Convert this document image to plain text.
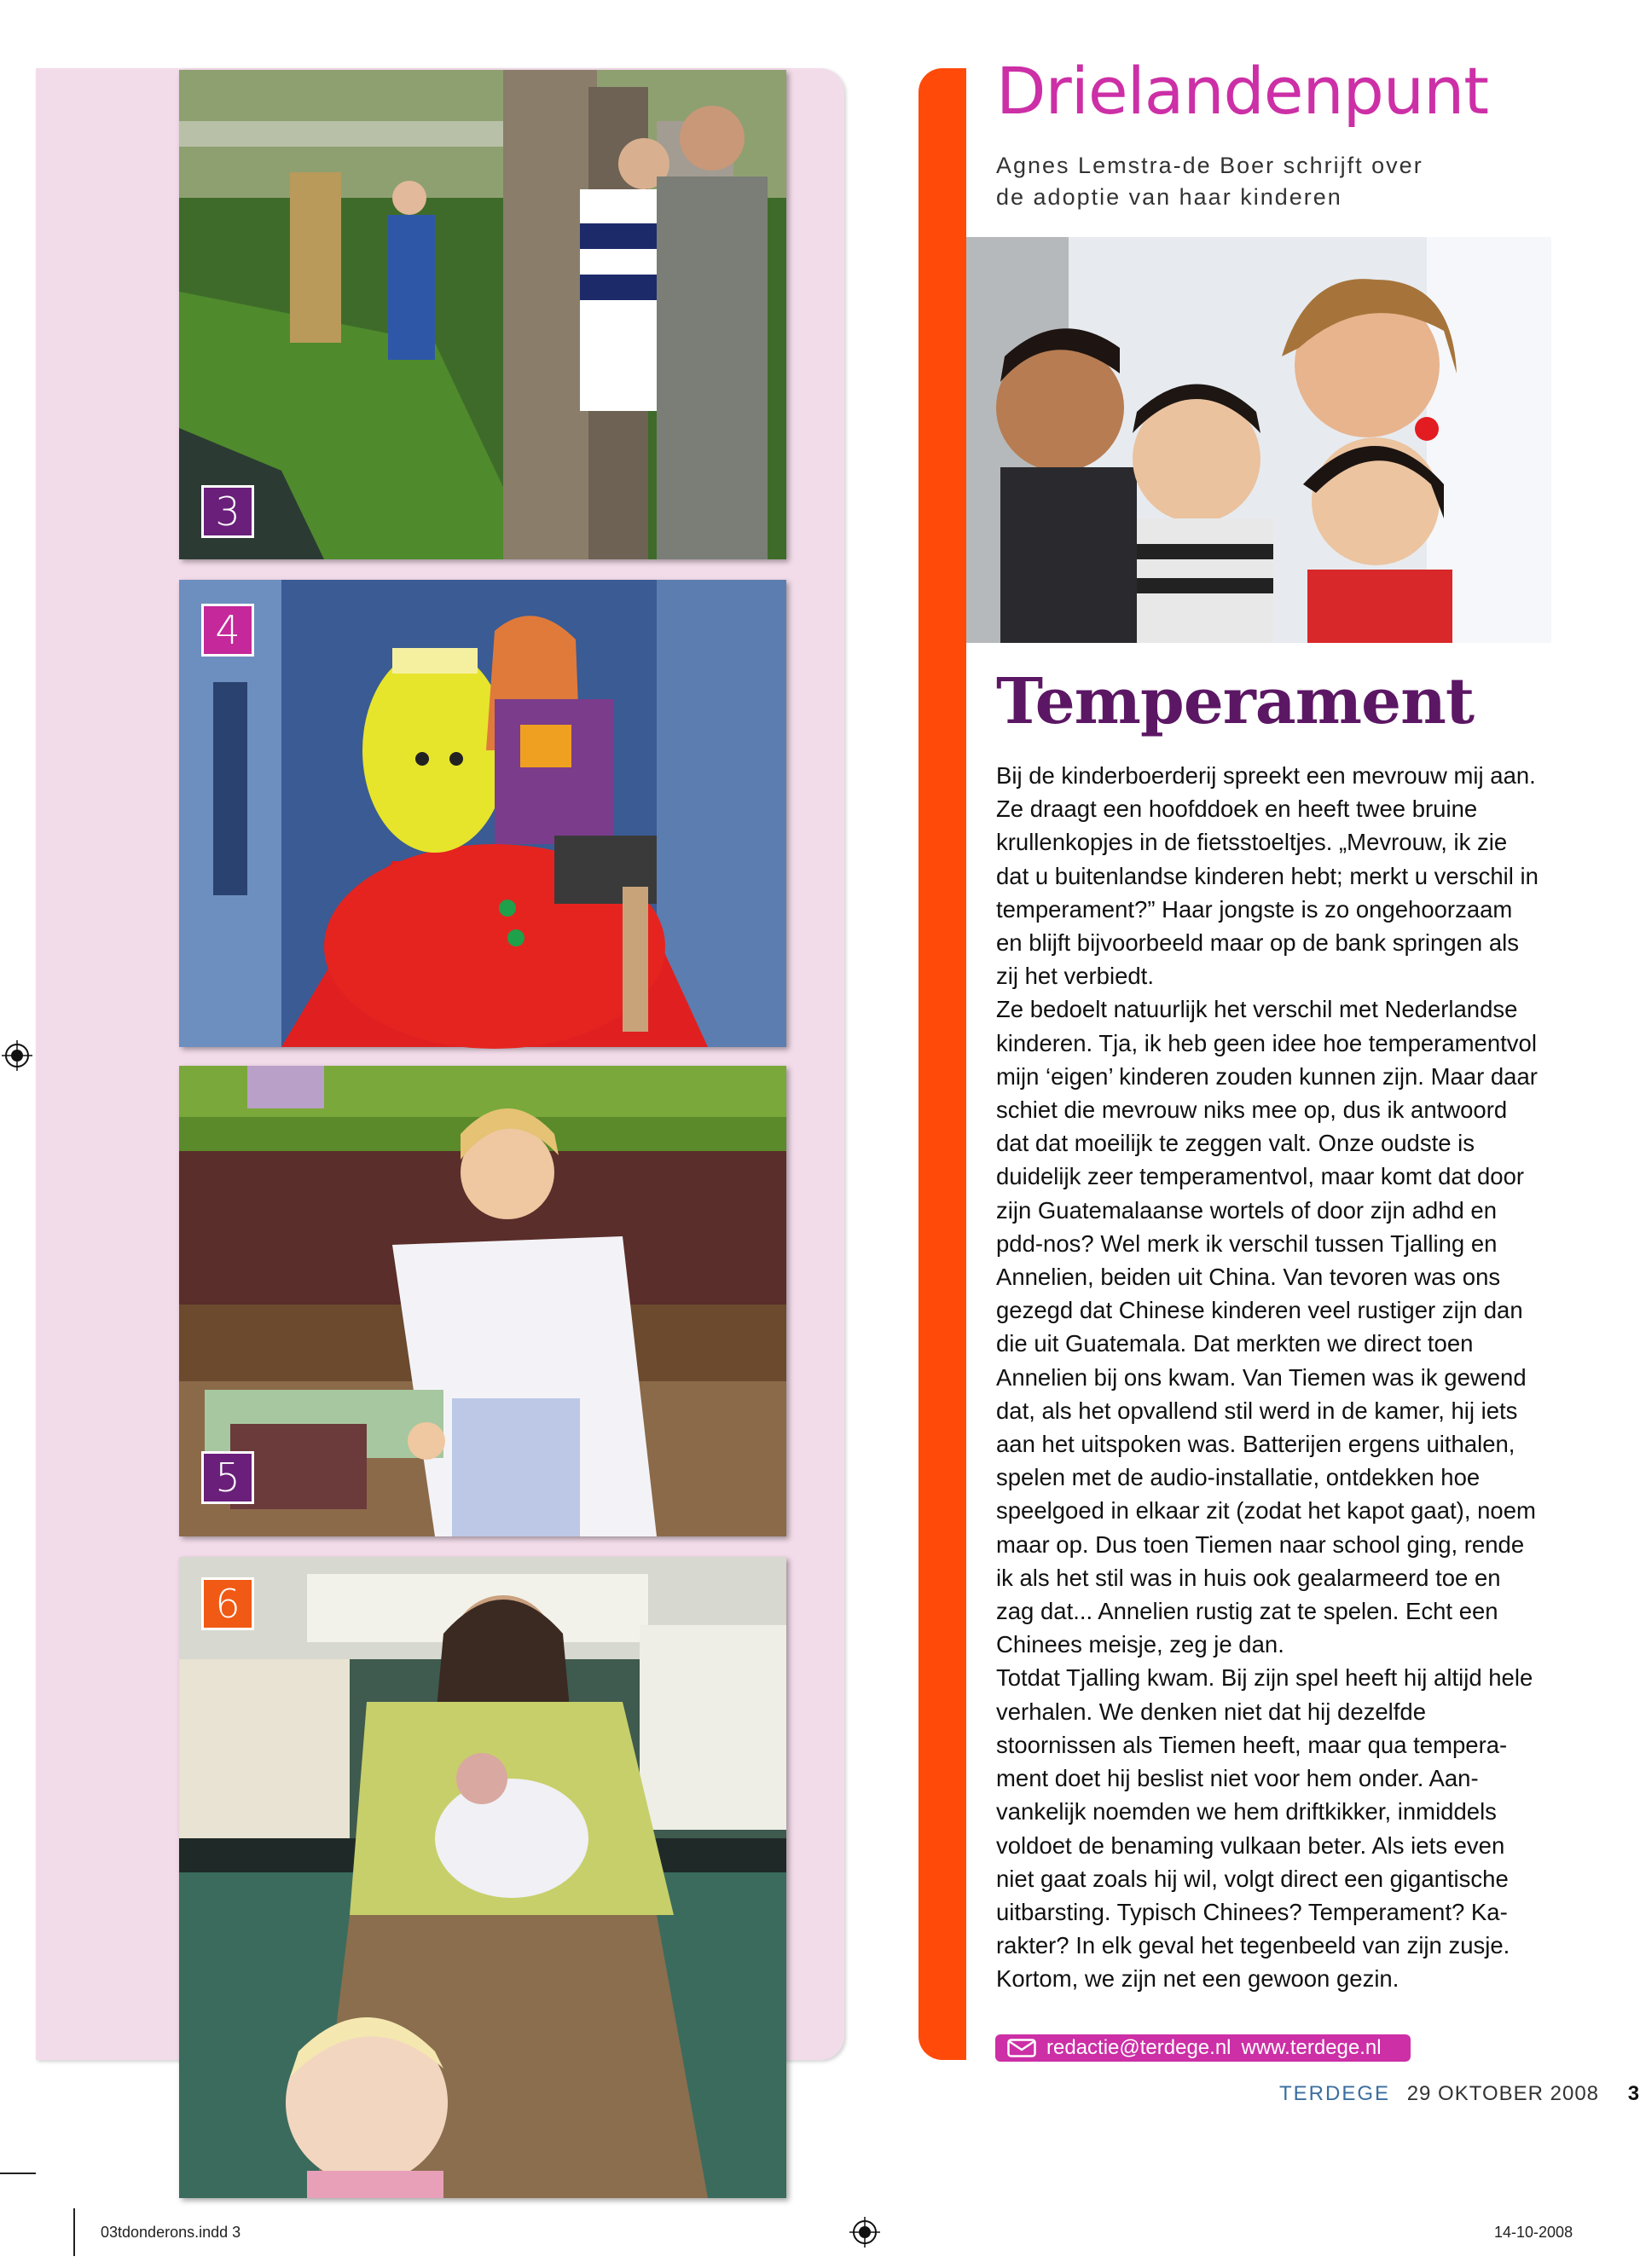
3
4
5
6
Drielandenpunt
Agnes Lemstra-de Boer schrijft over
de adoptie van haar kinderen
Temperament

Bij de kinderboerderij spreekt een mevrouw mij aan. Ze draagt een hoofddoek en heeft twee bruine krullenkopjes in de fietsstoeltjes. „Mevrouw, ik zie dat u buitenlandse kinderen hebt; merkt u verschil in temperament?” Haar jongste is zo ongehoorzaam en blijft bijvoorbeeld maar op de bank springen als zij het verbiedt.

Ze bedoelt natuurlijk het verschil met Nederlandse kinderen. Tja, ik heb geen idee hoe temperamentvol mijn ‘eigen’ kinderen zouden kunnen zijn. Maar daar schiet die mevrouw niks mee op, dus ik antwoord dat dat moeilijk te zeggen valt. Onze oudste is duidelijk zeer temperamentvol, maar komt dat door zijn Guatemalaanse wortels of door zijn adhd en pdd-nos? Wel merk ik verschil tussen Tjalling en Annelien, beiden uit China. Van tevoren was ons gezegd dat Chinese kinderen veel rustiger zijn dan die uit Guatemala. Dat merkten we direct toen Annelien bij ons kwam. Van Tiemen was ik gewend dat, als het opvallend stil werd in de kamer, hij iets aan het uitspoken was. Batterijen ergens uithalen, spelen met de audio-installatie, ontdekken hoe speelgoed in elkaar zit (zodat het kapot gaat), noem maar op. Dus toen Tiemen naar school ging, rende ik als het stil was in huis ook gealarmeerd toe en zag dat... Annelien rustig zat te spelen. Echt een Chinees meisje, zeg je dan.

Totdat Tjalling kwam. Bij zijn spel heeft hij altijd hele verhalen. We denken niet dat hij dezelfde stoornissen als Tiemen heeft, maar qua temperament doet hij beslist niet voor hem onder. Aanvankelijk noemden we hem driftkikker, inmiddels voldoet de benaming vulkaan beter. Als iets even niet gaat zoals hij wil, volgt direct een gigantische uitbarsting. Typisch Chinees? Temperament? Karakter? In elk geval het tegenbeeld van zijn zusje. Kortom, we zijn net een gewoon gezin.

redactie@terdege.nl www.terdege.nl
TERDEGE 29 OKTOBER 2008 3
03tdonderons.indd 3	14-10-2008
